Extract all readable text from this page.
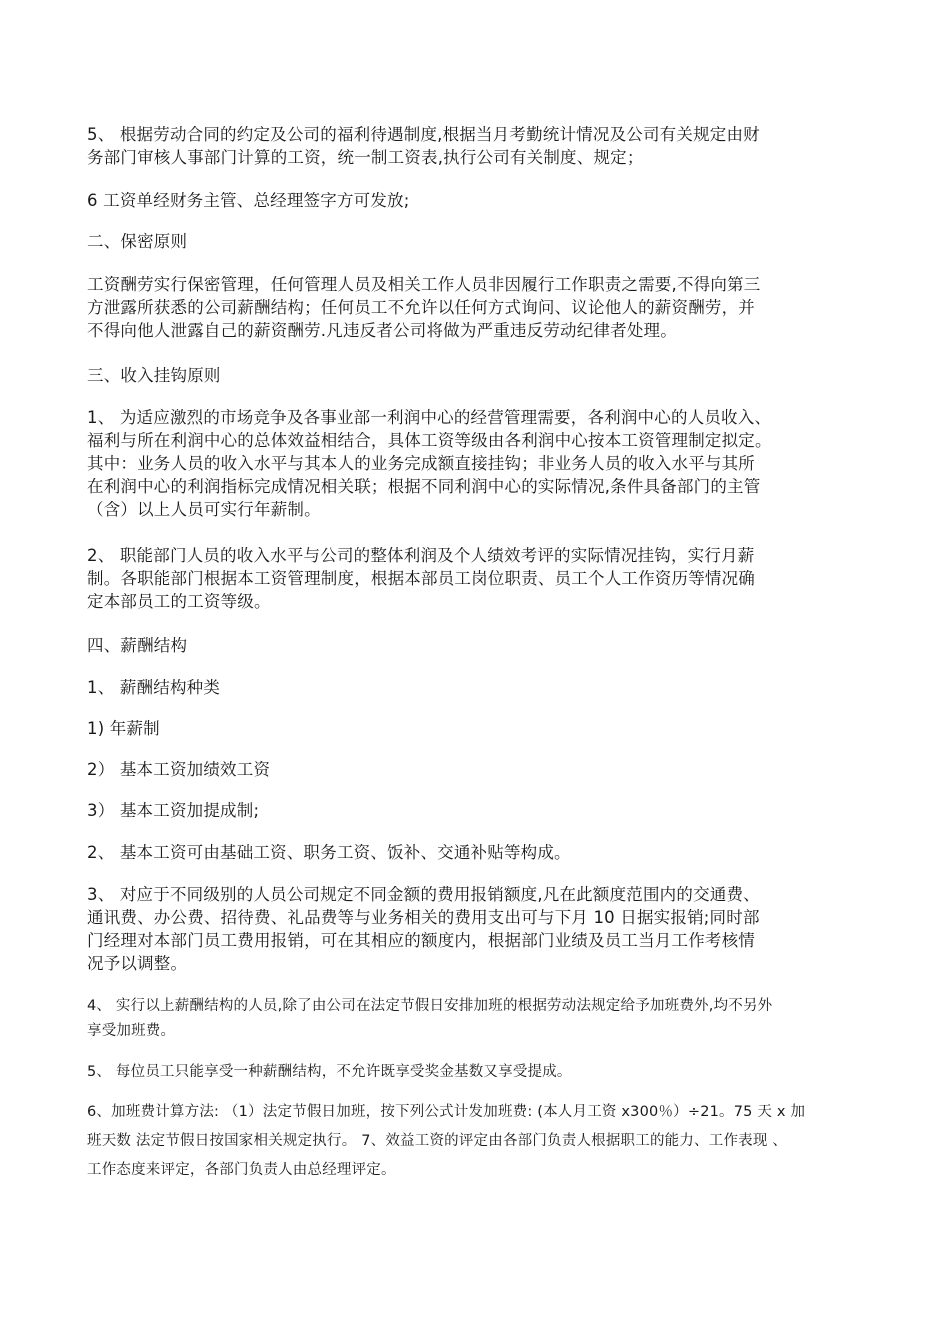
5、 根据劳动合同的约定及公司的福利待遇制度,根据当月考勤统计情况及公司有关规定由财
务部门审核人事部门计算的工资，统一制工资表,执行公司有关制度、规定；

6 工资单经财务主管、总经理签字方可发放;

二、保密原则

工资酬劳实行保密管理，任何管理人员及相关工作人员非因履行工作职责之需要,不得向第三
方泄露所获悉的公司薪酬结构；任何员工不允许以任何方式询问、议论他人的薪资酬劳，并
不得向他人泄露自己的薪资酬劳.凡违反者公司将做为严重违反劳动纪律者处理。

三、收入挂钩原则

1、 为适应激烈的市场竞争及各事业部一利润中心的经营管理需要，各利润中心的人员收入、
福利与所在利润中心的总体效益相结合，具体工资等级由各利润中心按本工资管理制定拟定。
其中：业务人员的收入水平与其本人的业务完成额直接挂钩；非业务人员的收入水平与其所
在利润中心的利润指标完成情况相关联；根据不同利润中心的实际情况,条件具备部门的主管
（含）以上人员可实行年薪制。

2、 职能部门人员的收入水平与公司的整体利润及个人绩效考评的实际情况挂钩，实行月薪
制。各职能部门根据本工资管理制度，根据本部员工岗位职责、员工个人工作资历等情况确
定本部员工的工资等级。

四、薪酬结构

1、 薪酬结构种类

1) 年薪制

2） 基本工资加绩效工资

3） 基本工资加提成制;

2、 基本工资可由基础工资、职务工资、饭补、交通补贴等构成。

3、 对应于不同级别的人员公司规定不同金额的费用报销额度,凡在此额度范围内的交通费、
通讯费、办公费、招待费、礼品费等与业务相关的费用支出可与下月 10 日据实报销;同时部
门经理对本部门员工费用报销，可在其相应的额度内，根据部门业绩及员工当月工作考核情
况予以调整。

4、 实行以上薪酬结构的人员,除了由公司在法定节假日安排加班的根据劳动法规定给予加班费外,均不另外
享受加班费。

5、 每位员工只能享受一种薪酬结构，不允许既享受奖金基数又享受提成。

6、加班费计算方法: （1）法定节假日加班，按下列公式计发加班费: (本人月工资 x300％）÷21。75 天 x 加
班天数 法定节假日按国家相关规定执行。 7、效益工资的评定由各部门负责人根据职工的能力、工作表现 、
工作态度来评定，各部门负责人由总经理评定。
